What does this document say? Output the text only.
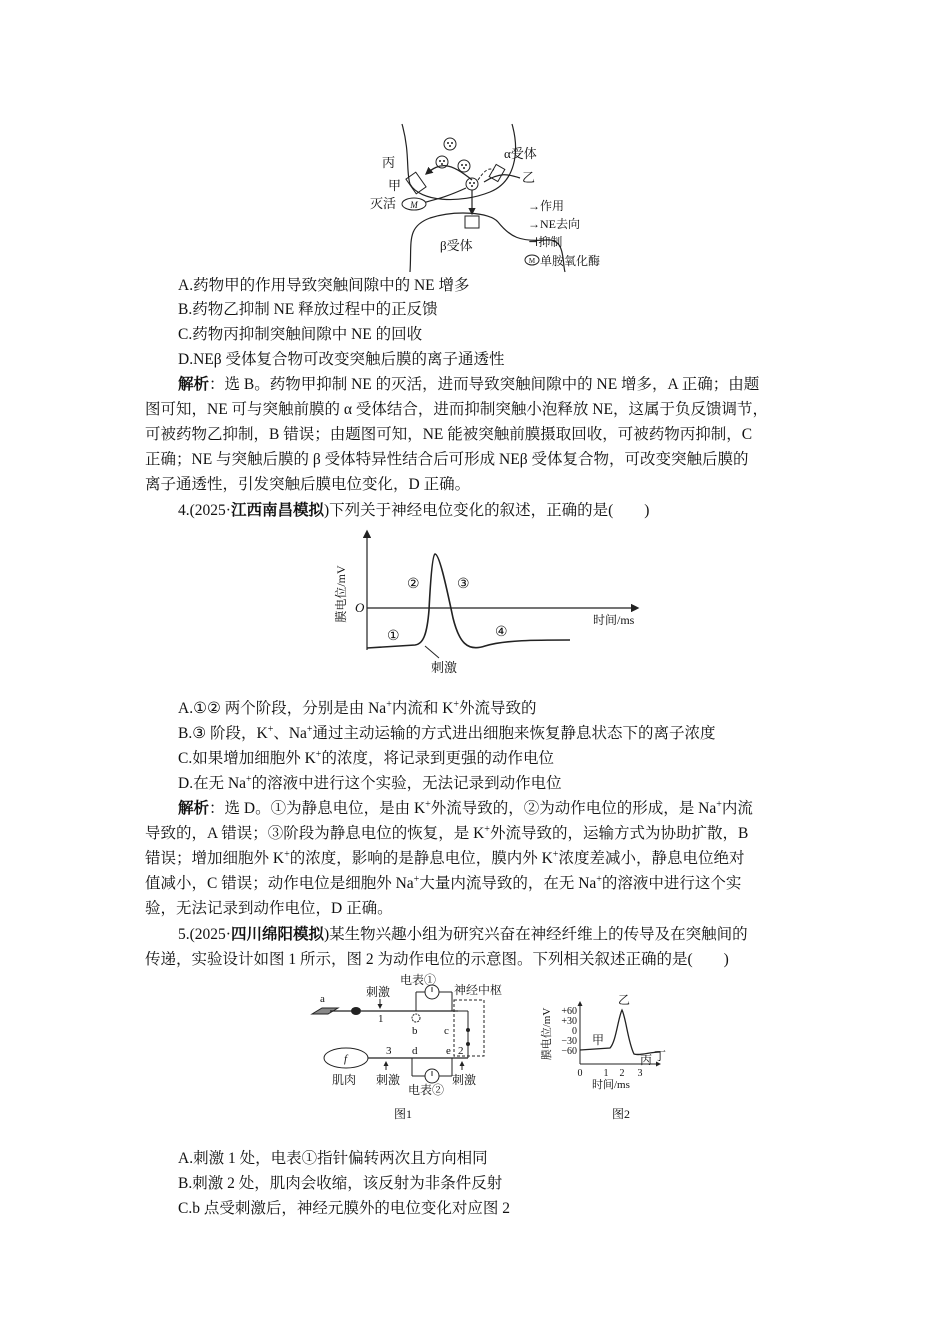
M
丙
甲
灭活
α受体
乙
β受体
→作用
→NE去向
⊣抑制
M 单胺氧化酶
A.药物甲的作用导致突触间隙中的 NE 增多
B.药物乙抑制 NE 释放过程中的正反馈
C.药物丙抑制突触间隙中 NE 的回收
D.NEβ 受体复合物可改变突触后膜的离子通透性
解析：选 B。药物甲抑制 NE 的灭活，进而导致突触间隙中的 NE 增多，A 正确；由题
图可知，NE 可与突触前膜的 α 受体结合，进而抑制突触小泡释放 NE，这属于负反馈调节，
可被药物乙抑制，B 错误；由题图可知，NE 能被突触前膜摄取回收，可被药物丙抑制，C
正确；NE 与突触后膜的 β 受体特异性结合后可形成 NEβ 受体复合物，可改变突触后膜的
离子通透性，引发突触后膜电位变化，D 正确。
4.(2025·江西南昌模拟)下列关于神经电位变化的叙述，正确的是(　　)
膜电位/mV	时间/ms
O
①
②	③
④
刺激
A.①② 两个阶段，分别是由 Na+内流和 K+外流导致的
B.③ 阶段，K+、Na+通过主动运输的方式进出细胞来恢复静息状态下的离子浓度
C.如果增加细胞外 K+的浓度，将记录到更强的动作电位
D.在无 Na+的溶液中进行这个实验，无法记录到动作电位
解析：选 D。①为静息电位，是由 K+外流导致的，②为动作电位的形成，是 Na+内流
导致的，A 错误；③阶段为静息电位的恢复，是 K+外流导致的，运输方式为协助扩散，B
错误；增加细胞外 K+的浓度，影响的是静息电位，膜内外 K+浓度差减小，静息电位绝对
值减小，C 错误；动作电位是细胞外 Na+大量内流导致的，在无 Na+的溶液中进行这个实
验，无法记录到动作电位，D 正确。
5.(2025·四川绵阳模拟)某生物兴趣小组为研究兴奋在神经纤维上的传导及在突触间的
传递，实验设计如图 1 所示，图 2 为动作电位的示意图。下列相关叙述正确的是(　　)
a
1
b c
2
f
3 d	e
刺激
电表①
神经中枢
肌肉 刺激	刺激
电表②
图1
膜电位/mV +60
+30
0
−30
−60
0 1 2 3
时间/ms
甲
乙
丙 丁
图2
A.刺激 1 处，电表①指针偏转两次且方向相同
B.刺激 2 处，肌肉会收缩，该反射为非条件反射
C.b 点受刺激后，神经元膜外的电位变化对应图 2
